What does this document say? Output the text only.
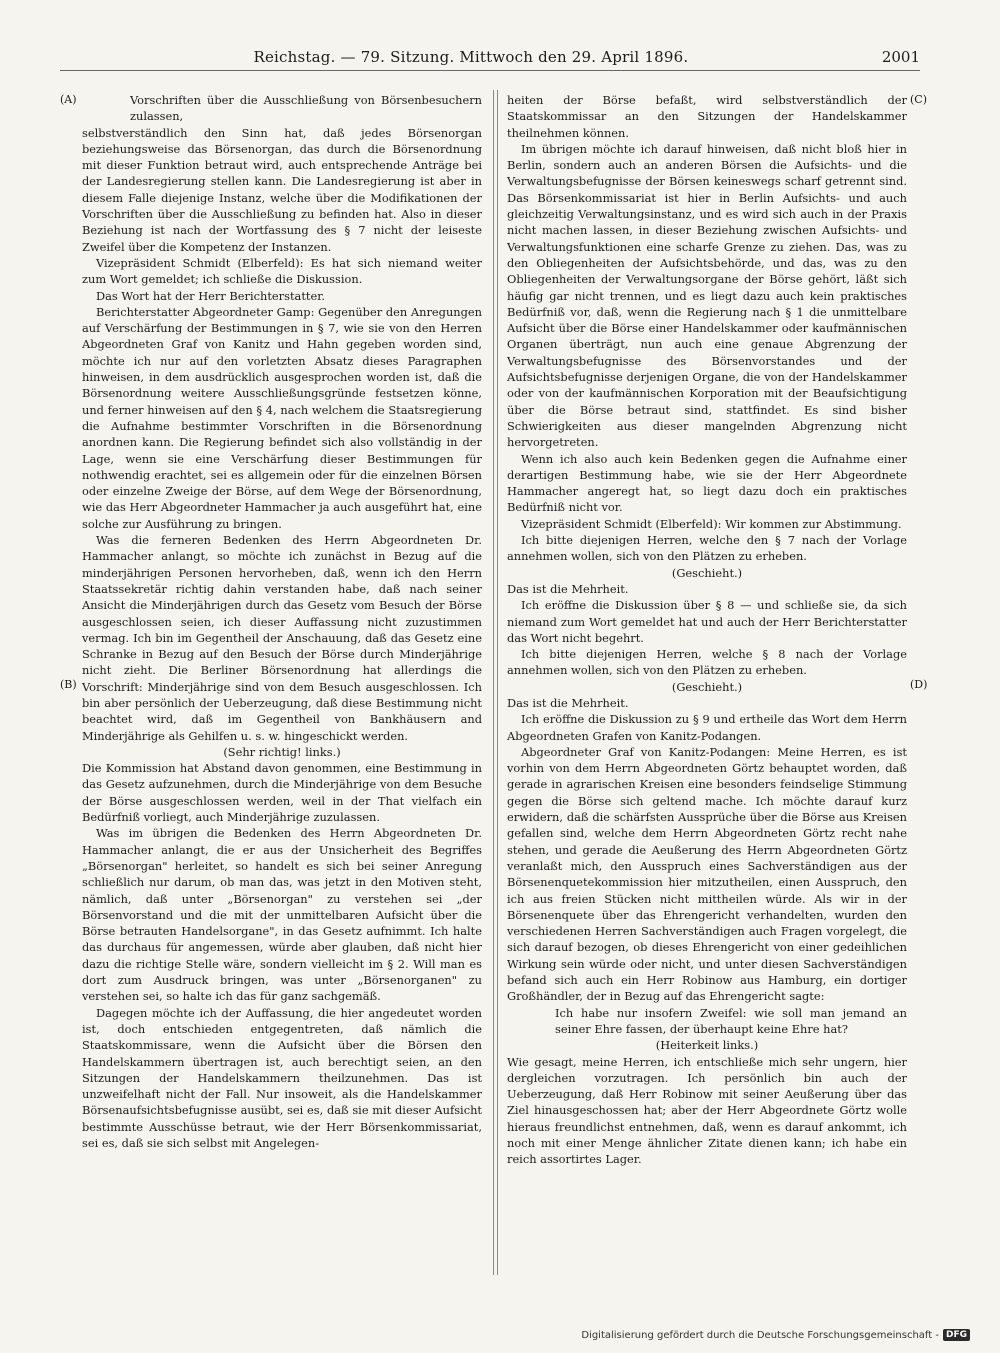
Reichstag. — 79. Sitzung. Mittwoch den 29. April 1896.	2001
(A)
(B)
(C)
(D)

Vorschriften über die Ausschließung von Börsenbesuchern zulassen,

selbstverständlich den Sinn hat, daß jedes Börsenorgan beziehungsweise das Börsenorgan, das durch die Börsenordnung mit dieser Funktion betraut wird, auch entsprechende Anträge bei der Landesregierung stellen kann. Die Landesregierung ist aber in diesem Falle diejenige Instanz, welche über die Modifikationen der Vorschriften über die Ausschließung zu befinden hat. Also in dieser Beziehung ist nach der Wortfassung des § 7 nicht der leiseste Zweifel über die Kompetenz der Instanzen.

Vizepräsident Schmidt (Elberfeld): Es hat sich niemand weiter zum Wort gemeldet; ich schließe die Diskussion.

Das Wort hat der Herr Berichterstatter.

Berichterstatter Abgeordneter Gamp: Gegenüber den Anregungen auf Verschärfung der Bestimmungen in § 7, wie sie von den Herren Abgeordneten Graf von Kanitz und Hahn gegeben worden sind, möchte ich nur auf den vorletzten Absatz dieses Paragraphen hinweisen, in dem ausdrücklich ausgesprochen worden ist, daß die Börsenordnung weitere Ausschließungsgründe festsetzen könne, und ferner hinweisen auf den § 4, nach welchem die Staatsregierung die Aufnahme bestimmter Vorschriften in die Börsenordnung anordnen kann. Die Regierung befindet sich also vollständig in der Lage, wenn sie eine Verschärfung dieser Bestimmungen für nothwendig erachtet, sei es allgemein oder für die einzelnen Börsen oder einzelne Zweige der Börse, auf dem Wege der Börsenordnung, wie das Herr Abgeordneter Hammacher ja auch ausgeführt hat, eine solche zur Ausführung zu bringen.

Was die ferneren Bedenken des Herrn Abgeordneten Dr. Hammacher anlangt, so möchte ich zunächst in Bezug auf die minderjährigen Personen hervorheben, daß, wenn ich den Herrn Staatssekretär richtig dahin verstanden habe, daß nach seiner Ansicht die Minderjährigen durch das Gesetz vom Besuch der Börse ausgeschlossen seien, ich dieser Auffassung nicht zuzustimmen vermag. Ich bin im Gegentheil der Anschauung, daß das Gesetz eine Schranke in Bezug auf den Besuch der Börse durch Minderjährige nicht zieht. Die Berliner Börsenordnung hat allerdings die Vorschrift: Minderjährige sind von dem Besuch ausgeschlossen. Ich bin aber persönlich der Ueberzeugung, daß diese Bestimmung nicht beachtet wird, daß im Gegentheil von Bankhäusern and Minderjährige als Gehilfen u. s. w. hingeschickt werden.

(Sehr richtig! links.)

Die Kommission hat Abstand davon genommen, eine Bestimmung in das Gesetz aufzunehmen, durch die Minderjährige von dem Besuche der Börse ausgeschlossen werden, weil in der That vielfach ein Bedürfniß vorliegt, auch Minderjährige zuzulassen.

Was im übrigen die Bedenken des Herrn Abgeordneten Dr. Hammacher anlangt, die er aus der Unsicherheit des Begriffes „Börsenorgan" herleitet, so handelt es sich bei seiner Anregung schließlich nur darum, ob man das, was jetzt in den Motiven steht, nämlich, daß unter „Börsenorgan" zu verstehen sei „der Börsenvorstand und die mit der unmittelbaren Aufsicht über die Börse betrauten Handelsorgane", in das Gesetz aufnimmt. Ich halte das durchaus für angemessen, würde aber glauben, daß nicht hier dazu die richtige Stelle wäre, sondern vielleicht im § 2. Will man es dort zum Ausdruck bringen, was unter „Börsenorganen" zu verstehen sei, so halte ich das für ganz sachgemäß.

Dagegen möchte ich der Auffassung, die hier angedeutet worden ist, doch entschieden entgegentreten, daß nämlich die Staatskommissare, wenn die Aufsicht über die Börsen den Handelskammern übertragen ist, auch berechtigt seien, an den Sitzungen der Handelskammern theilzunehmen. Das ist unzweifelhaft nicht der Fall. Nur insoweit, als die Handelskammer Börsenaufsichtsbefugnisse ausübt, sei es, daß sie mit dieser Aufsicht bestimmte Ausschüsse betraut, wie der Herr Börsenkommissariat, sei es, daß sie sich selbst mit Angelegen-

heiten der Börse befaßt, wird selbstverständlich der Staatskommissar an den Sitzungen der Handelskammer theilnehmen können.

Im übrigen möchte ich darauf hinweisen, daß nicht bloß hier in Berlin, sondern auch an anderen Börsen die Aufsichts- und die Verwaltungsbefugnisse der Börsen keineswegs scharf getrennt sind. Das Börsenkommissariat ist hier in Berlin Aufsichts- und auch gleichzeitig Verwaltungsinstanz, und es wird sich auch in der Praxis nicht machen lassen, in dieser Beziehung zwischen Aufsichts- und Verwaltungsfunktionen eine scharfe Grenze zu ziehen. Das, was zu den Obliegenheiten der Aufsichtsbehörde, und das, was zu den Obliegenheiten der Verwaltungsorgane der Börse gehört, läßt sich häufig gar nicht trennen, und es liegt dazu auch kein praktisches Bedürfniß vor, daß, wenn die Regierung nach § 1 die unmittelbare Aufsicht über die Börse einer Handelskammer oder kaufmännischen Organen überträgt, nun auch eine genaue Abgrenzung der Verwaltungsbefugnisse des Börsenvorstandes und der Aufsichtsbefugnisse derjenigen Organe, die von der Handelskammer oder von der kaufmännischen Korporation mit der Beaufsichtigung über die Börse betraut sind, stattfindet. Es sind bisher Schwierigkeiten aus dieser mangelnden Abgrenzung nicht hervorgetreten.

Wenn ich also auch kein Bedenken gegen die Aufnahme einer derartigen Bestimmung habe, wie sie der Herr Abgeordnete Hammacher angeregt hat, so liegt dazu doch ein praktisches Bedürfniß nicht vor.

Vizepräsident Schmidt (Elberfeld): Wir kommen zur Abstimmung.

Ich bitte diejenigen Herren, welche den § 7 nach der Vorlage annehmen wollen, sich von den Plätzen zu erheben.

(Geschieht.)

Das ist die Mehrheit.

Ich eröffne die Diskussion über § 8 — und schließe sie, da sich niemand zum Wort gemeldet hat und auch der Herr Berichterstatter das Wort nicht begehrt.

Ich bitte diejenigen Herren, welche § 8 nach der Vorlage annehmen wollen, sich von den Plätzen zu erheben.

(Geschieht.)

Das ist die Mehrheit.

Ich eröffne die Diskussion zu § 9 und ertheile das Wort dem Herrn Abgeordneten Grafen von Kanitz-Podangen.

Abgeordneter Graf von Kanitz-Podangen: Meine Herren, es ist vorhin von dem Herrn Abgeordneten Görtz behauptet worden, daß gerade in agrarischen Kreisen eine besonders feindselige Stimmung gegen die Börse sich geltend mache. Ich möchte darauf kurz erwidern, daß die schärfsten Aussprüche über die Börse aus Kreisen gefallen sind, welche dem Herrn Abgeordneten Görtz recht nahe stehen, und gerade die Aeußerung des Herrn Abgeordneten Görtz veranlaßt mich, den Ausspruch eines Sachverständigen aus der Börsenenquetekommission hier mitzutheilen, einen Ausspruch, den ich aus freien Stücken nicht mittheilen würde. Als wir in der Börsenenquete über das Ehrengericht verhandelten, wurden den verschiedenen Herren Sachverständigen auch Fragen vorgelegt, die sich darauf bezogen, ob dieses Ehrengericht von einer gedeihlichen Wirkung sein würde oder nicht, und unter diesen Sachverständigen befand sich auch ein Herr Robinow aus Hamburg, ein dortiger Großhändler, der in Bezug auf das Ehrengericht sagte:

Ich habe nur insofern Zweifel: wie soll man jemand an seiner Ehre fassen, der überhaupt keine Ehre hat?

(Heiterkeit links.)

Wie gesagt, meine Herren, ich entschließe mich sehr ungern, hier dergleichen vorzutragen. Ich persönlich bin auch der Ueberzeugung, daß Herr Robinow mit seiner Aeußerung über das Ziel hinausgeschossen hat; aber der Herr Abgeordnete Görtz wolle hieraus freundlichst entnehmen, daß, wenn es darauf ankommt, ich noch mit einer Menge ähnlicher Zitate dienen kann; ich habe ein reich assortirtes Lager.

Digitalisierung gefördert durch die Deutsche Forschungsgemeinschaft - DFG
